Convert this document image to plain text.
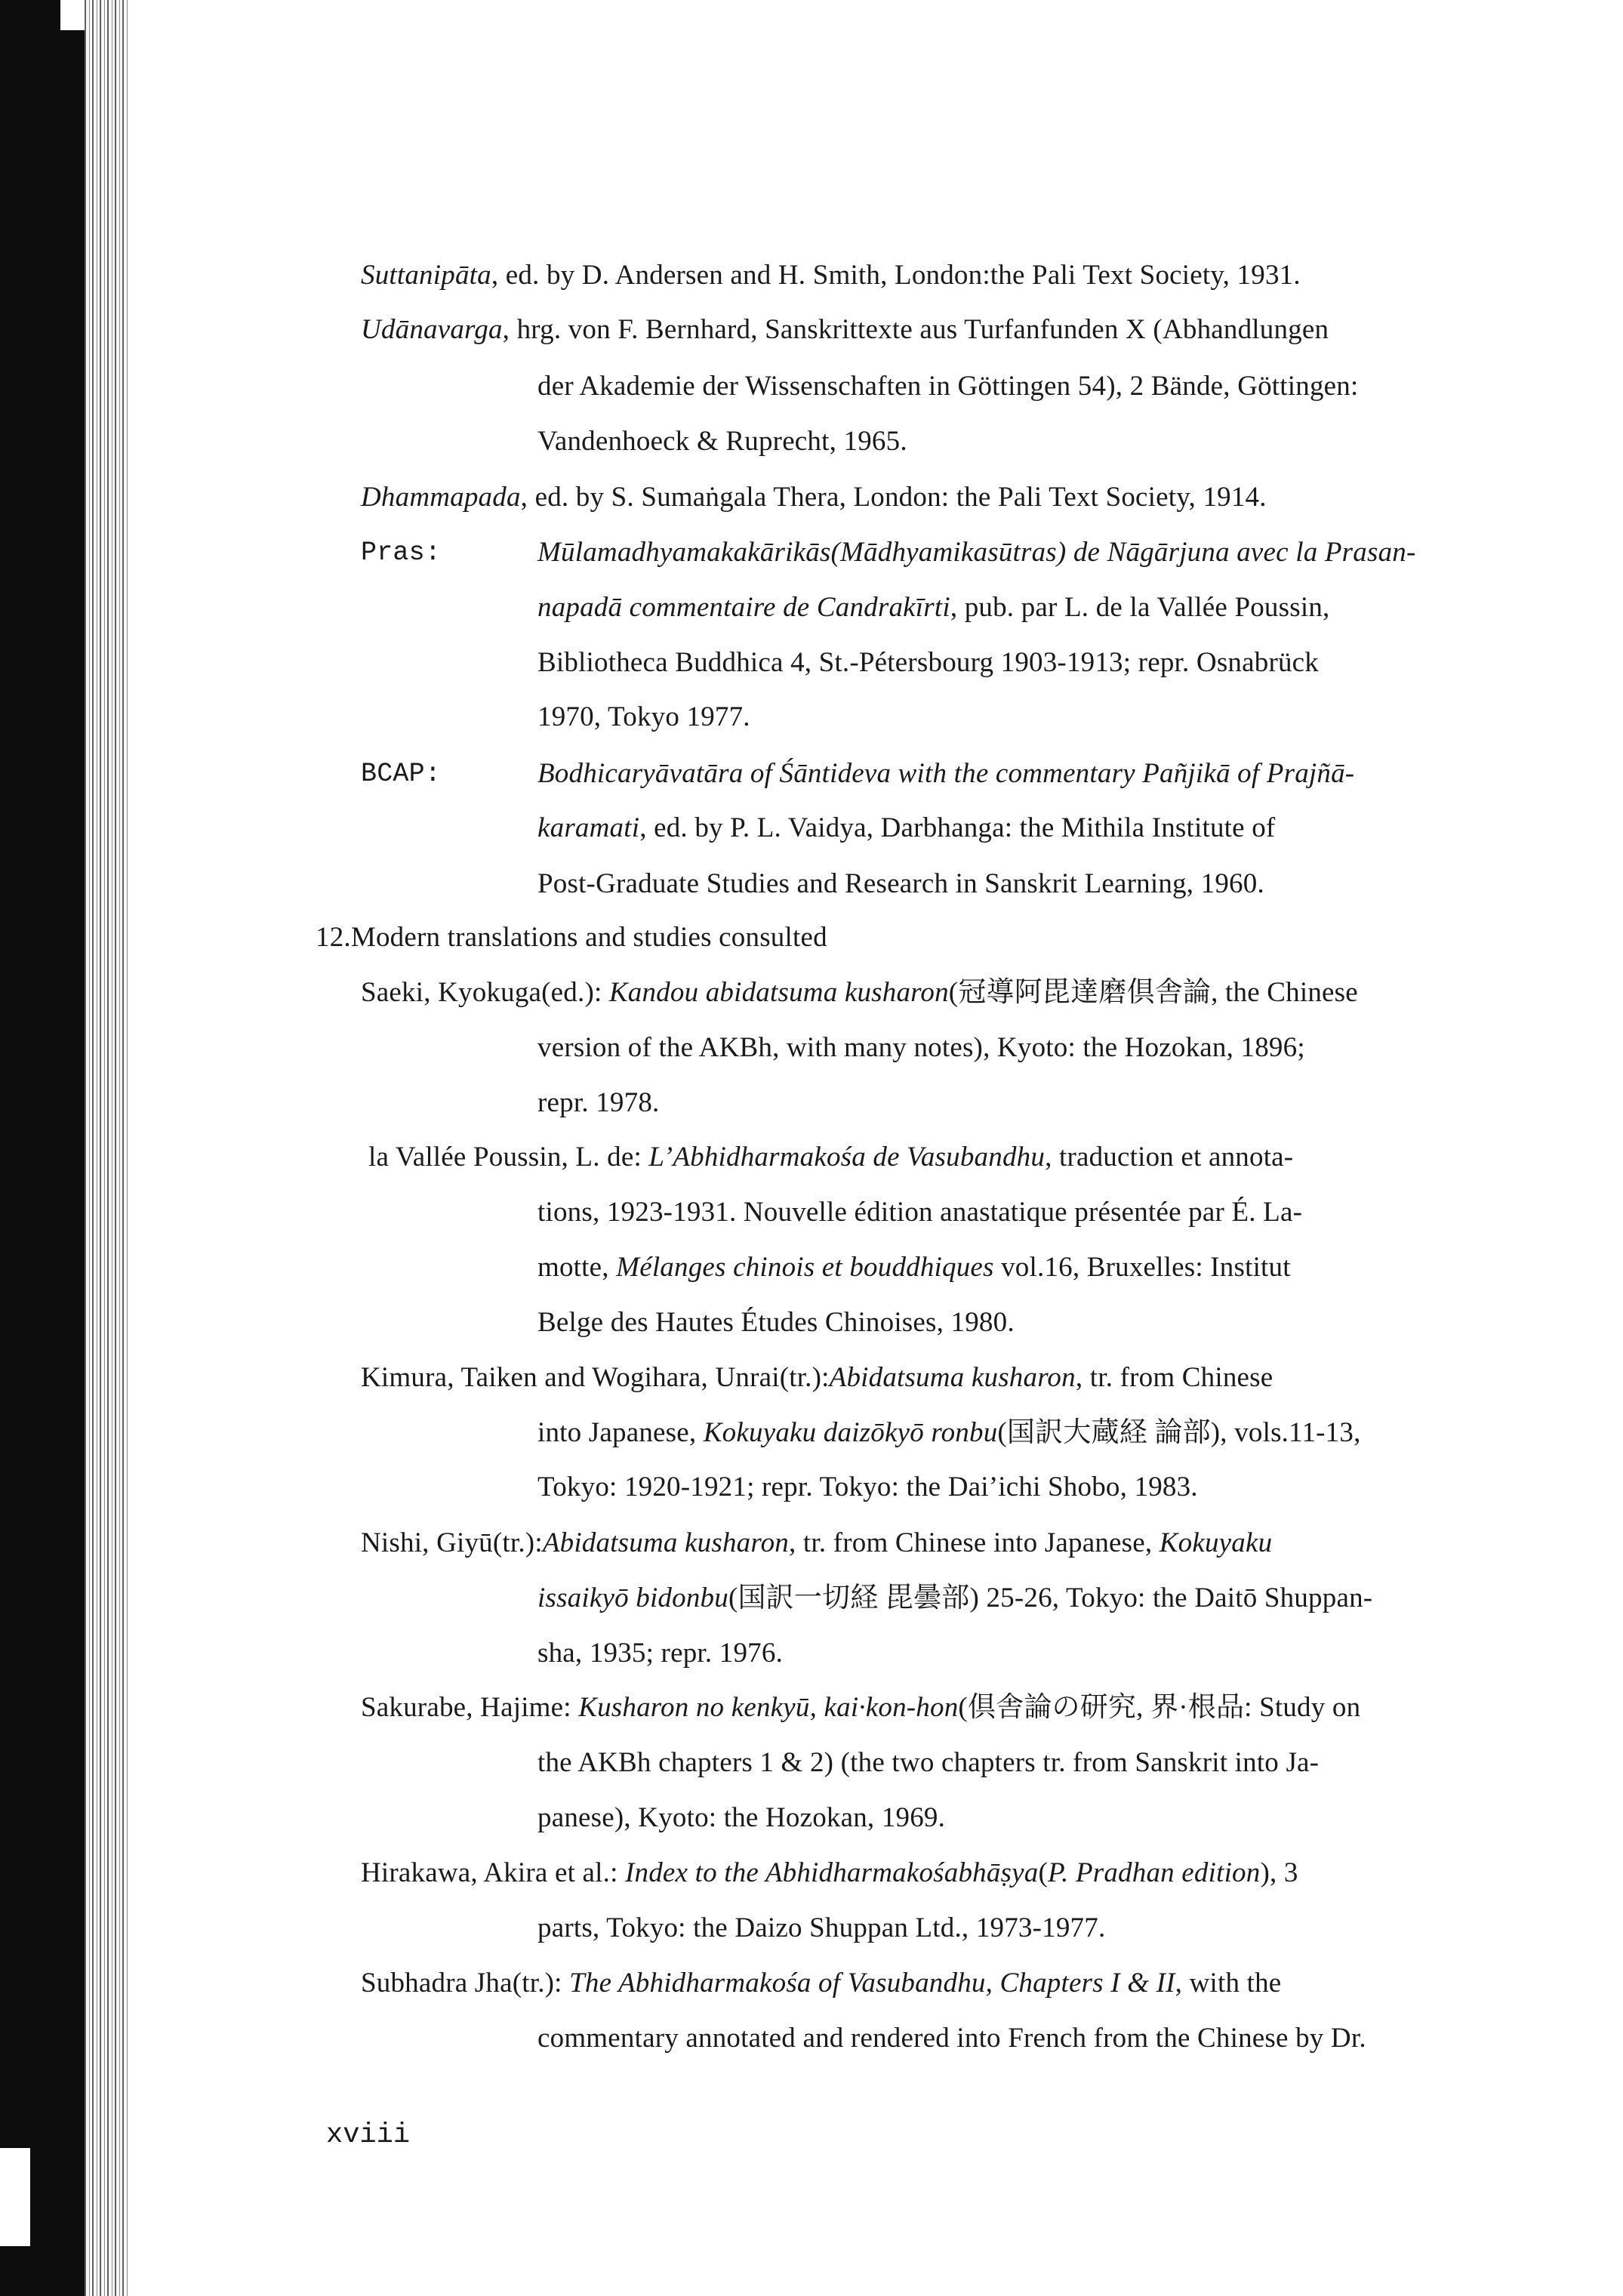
Suttanipāta, ed. by D. Andersen and H. Smith, London:the Pali Text Society, 1931.
Udānavarga, hrg. von F. Bernhard, Sanskrittexte aus Turfanfunden X (Abhandlungen
der Akademie der Wissenschaften in Göttingen 54), 2 Bände, Göttingen:
Vandenhoeck & Ruprecht, 1965.
Dhammapada, ed. by S. Sumaṅgala Thera, London: the Pali Text Society, 1914.
Pras:	Mūlamadhyamakakārikās(Mādhyamikasūtras) de Nāgārjuna avec la Prasan-
napadā commentaire de Candrakīrti, pub. par L. de la Vallée Poussin,
Bibliotheca Buddhica 4, St.-Pétersbourg 1903-1913; repr. Osnabrück
1970, Tokyo 1977.
BCAP:	Bodhicaryāvatāra of Śāntideva with the commentary Pañjikā of Prajñā-
karamati, ed. by P. L. Vaidya, Darbhanga: the Mithila Institute of
Post-Graduate Studies and Research in Sanskrit Learning, 1960.
12.Modern translations and studies consulted
Saeki, Kyokuga(ed.): Kandou abidatsuma kusharon(冠導阿毘達磨倶舎論, the Chinese
version of the AKBh, with many notes), Kyoto: the Hozokan, 1896;
repr. 1978.
la Vallée Poussin, L. de: L’Abhidharmakośa de Vasubandhu, traduction et annota-
tions, 1923-1931. Nouvelle édition anastatique présentée par É. La-
motte, Mélanges chinois et bouddhiques vol.16, Bruxelles: Institut
Belge des Hautes Études Chinoises, 1980.
Kimura, Taiken and Wogihara, Unrai(tr.):Abidatsuma kusharon, tr. from Chinese
into Japanese, Kokuyaku daizōkyō ronbu(国訳大蔵経 論部), vols.11-13,
Tokyo: 1920-1921; repr. Tokyo: the Dai’ichi Shobo, 1983.
Nishi, Giyū(tr.):Abidatsuma kusharon, tr. from Chinese into Japanese, Kokuyaku
issaikyō bidonbu(国訳一切経 毘曇部) 25-26, Tokyo: the Daitō Shuppan-
sha, 1935; repr. 1976.
Sakurabe, Hajime: Kusharon no kenkyū, kai·kon-hon(倶舎論の研究, 界·根品: Study on
the AKBh chapters 1 & 2) (the two chapters tr. from Sanskrit into Ja-
panese), Kyoto: the Hozokan, 1969.
Hirakawa, Akira et al.: Index to the Abhidharmakośabhāṣya(P. Pradhan edition), 3
parts, Tokyo: the Daizo Shuppan Ltd., 1973-1977.
Subhadra Jha(tr.): The Abhidharmakośa of Vasubandhu, Chapters I & II, with the
commentary annotated and rendered into French from the Chinese by Dr.
xviii
